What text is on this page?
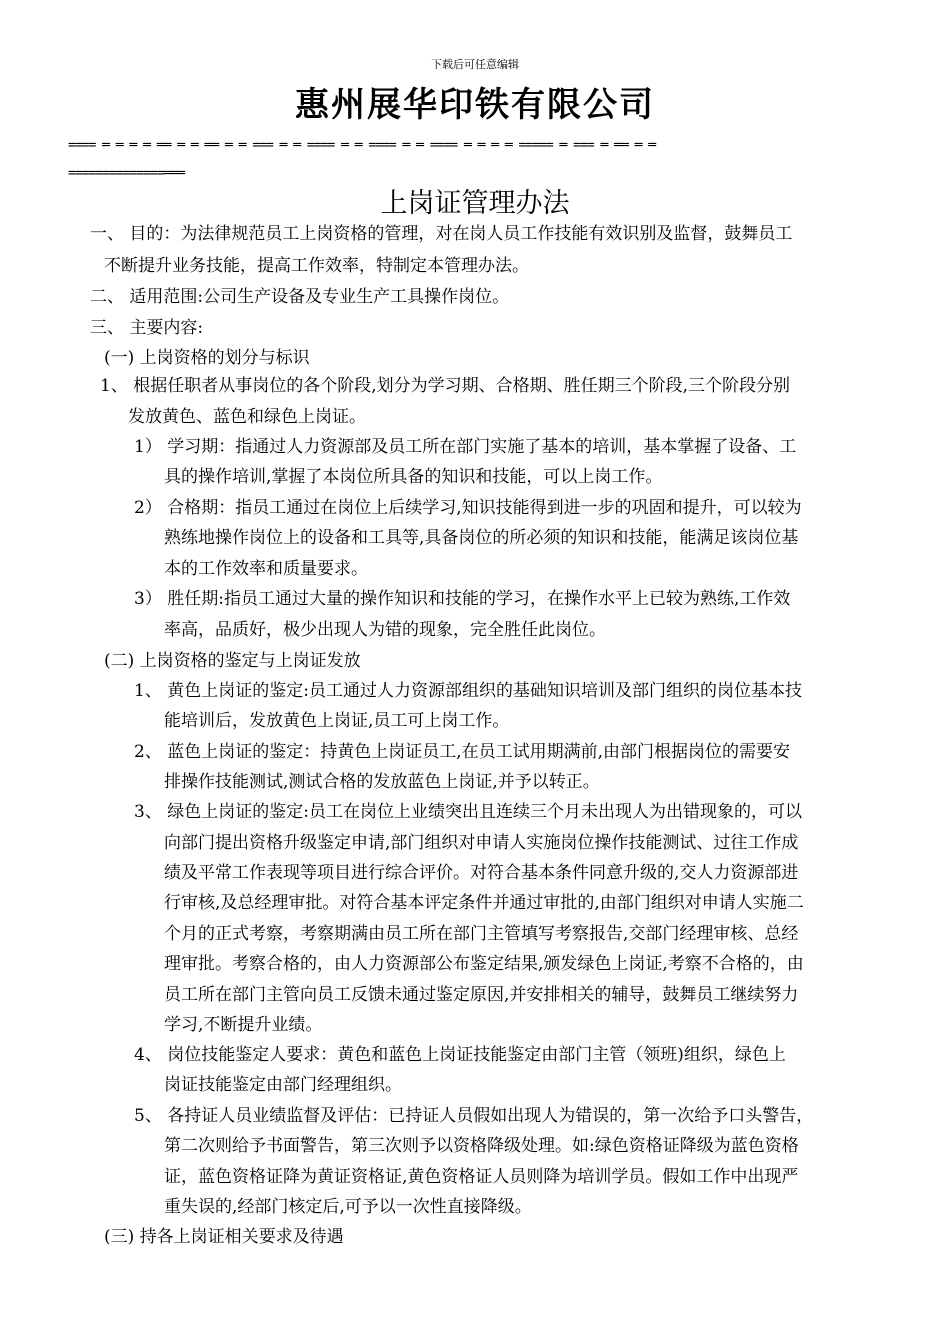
下载后可任意编辑
惠州展华印铁有限公司
==== ═ ═ ═ ═ ══ ═ ═ ══ ═ ═ === ═ ═ ==== ═ ═ ==== ═ ═ ==== ═ ═ ═ ═ ===== ═ === ═ ══ ═ ═
==============═══
上岗证管理办法
一、 目的：为法律规范员工上岗资格的管理，对在岗人员工作技能有效识别及监督，鼓舞员工
不断提升业务技能，提高工作效率，特制定本管理办法。
二、 适用范围:公司生产设备及专业生产工具操作岗位。
三、 主要内容:
(一) 上岗资格的划分与标识
1、 根据任职者从事岗位的各个阶段,划分为学习期、合格期、胜任期三个阶段,三个阶段分别
发放黄色、蓝色和绿色上岗证。
1） 学习期：指通过人力资源部及员工所在部门实施了基本的培训，基本掌握了设备、工
具的操作培训,掌握了本岗位所具备的知识和技能，可以上岗工作。
2） 合格期：指员工通过在岗位上后续学习,知识技能得到进一步的巩固和提升，可以较为
熟练地操作岗位上的设备和工具等,具备岗位的所必须的知识和技能，能满足该岗位基
本的工作效率和质量要求。
3） 胜任期:指员工通过大量的操作知识和技能的学习，在操作水平上已较为熟练,工作效
率高，品质好，极少出现人为错的现象，完全胜任此岗位。
(二) 上岗资格的鉴定与上岗证发放
1、 黄色上岗证的鉴定:员工通过人力资源部组织的基础知识培训及部门组织的岗位基本技
能培训后，发放黄色上岗证,员工可上岗工作。
2、 蓝色上岗证的鉴定：持黄色上岗证员工,在员工试用期满前,由部门根据岗位的需要安
排操作技能测试,测试合格的发放蓝色上岗证,并予以转正。
3、 绿色上岗证的鉴定:员工在岗位上业绩突出且连续三个月未出现人为出错现象的，可以
向部门提出资格升级鉴定申请,部门组织对申请人实施岗位操作技能测试、过往工作成
绩及平常工作表现等项目进行综合评价。对符合基本条件同意升级的,交人力资源部进
行审核,及总经理审批。对符合基本评定条件并通过审批的,由部门组织对申请人实施二
个月的正式考察，考察期满由员工所在部门主管填写考察报告,交部门经理审核、总经
理审批。考察合格的，由人力资源部公布鉴定结果,颁发绿色上岗证,考察不合格的，由
员工所在部门主管向员工反馈未通过鉴定原因,并安排相关的辅导，鼓舞员工继续努力
学习,不断提升业绩。
4、 岗位技能鉴定人要求：黄色和蓝色上岗证技能鉴定由部门主管（领班)组织，绿色上
岗证技能鉴定由部门经理组织。
5、 各持证人员业绩监督及评估：已持证人员假如出现人为错误的，第一次给予口头警告，
第二次则给予书面警告，第三次则予以资格降级处理。如:绿色资格证降级为蓝色资格
证，蓝色资格证降为黄证资格证,黄色资格证人员则降为培训学员。假如工作中出现严
重失误的,经部门核定后,可予以一次性直接降级。
(三) 持各上岗证相关要求及待遇
